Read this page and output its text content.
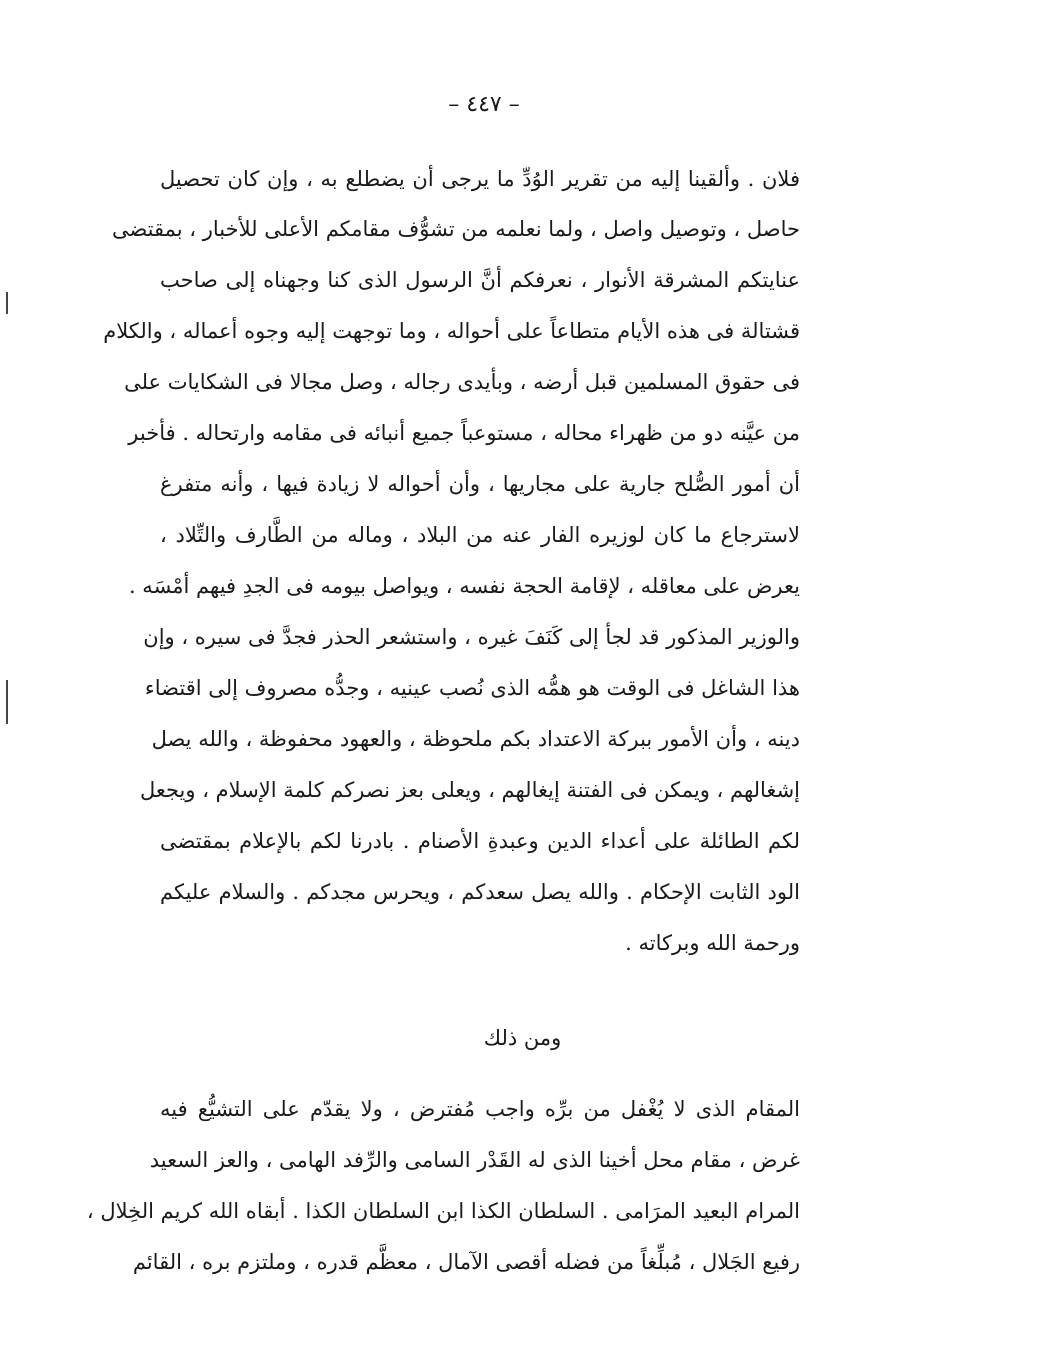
– ٤٤٧ –
فلان . وألقينا إليه من تقرير الوُدِّ ما يرجى أن يضطلع به ، وإن كان تحصيل
حاصل ، وتوصيل واصل ، ولما نعلمه من تشوُّف مقامكم الأعلى للأخبار ، بمقتضى
عنايتكم المشرقة الأنوار ، نعرفكم أنَّ الرسول الذى كنا وجهناه إلى صاحب
قشتالة فى هذه الأيام متطاعاً على أحواله ، وما توجهت إليه وجوه أعماله ، والكلام
فى حقوق المسلمين قبل أرضه ، وبأيدى رجاله ، وصل مجالا فى الشكايات على
من عيَّنه دو من ظهراء محاله ، مستوعباً جميع أنبائه فى مقامه وارتحاله . فأخبر
أن أمور الصُّلح جارية على مجاريها ، وأن أحواله لا زيادة فيها ، وأنه متفرغ
لاسترجاع ما كان لوزيره الفار عنه من البلاد ، وماله من الطَّارف والتِّلاد ،
يعرض على معاقله ، لإقامة الحجة نفسه ، ويواصل بيومه فى الجدِ فيهم أمْسَه .
والوزير المذكور قد لجأ إلى كَنَفَ غيره ، واستشعر الحذر فجدَّ فى سيره ، وإن
هذا الشاغل فى الوقت هو همُّه الذى نُصب عينيه ، وجدُّه مصروف إلى اقتضاء
دينه ، وأن الأمور ببركة الاعتداد بكم ملحوظة ، والعهود محفوظة ، والله يصل
إشغالهم ، ويمكن فى الفتنة إيغالهم ، ويعلى بعز نصركم كلمة الإسلام ، ويجعل
لكم الطائلة على أعداء الدين وعبدةِ الأصنام . بادرنا لكم بالإعلام بمقتضى
الود الثابت الإحكام . والله يصل سعدكم ، ويحرس مجدكم . والسلام عليكم
ورحمة الله وبركاته .
ومن ذلك
المقام الذى لا يُغْفل من برِّه واجب مُفترض ، ولا يقدّم على التشيُّع فيه
غرض ، مقام محل أخينا الذى له القَدْر السامى والرِّفد الهامى ، والعز السعيد
المرام البعيد المرَامى . السلطان الكذا ابن السلطان الكذا . أبقاه الله كريم الخِلال ،
رفيع الجَلال ، مُبلِّغاً من فضله أقصى الآمال ، معظَّم قدره ، وملتزم بره ، القائم
